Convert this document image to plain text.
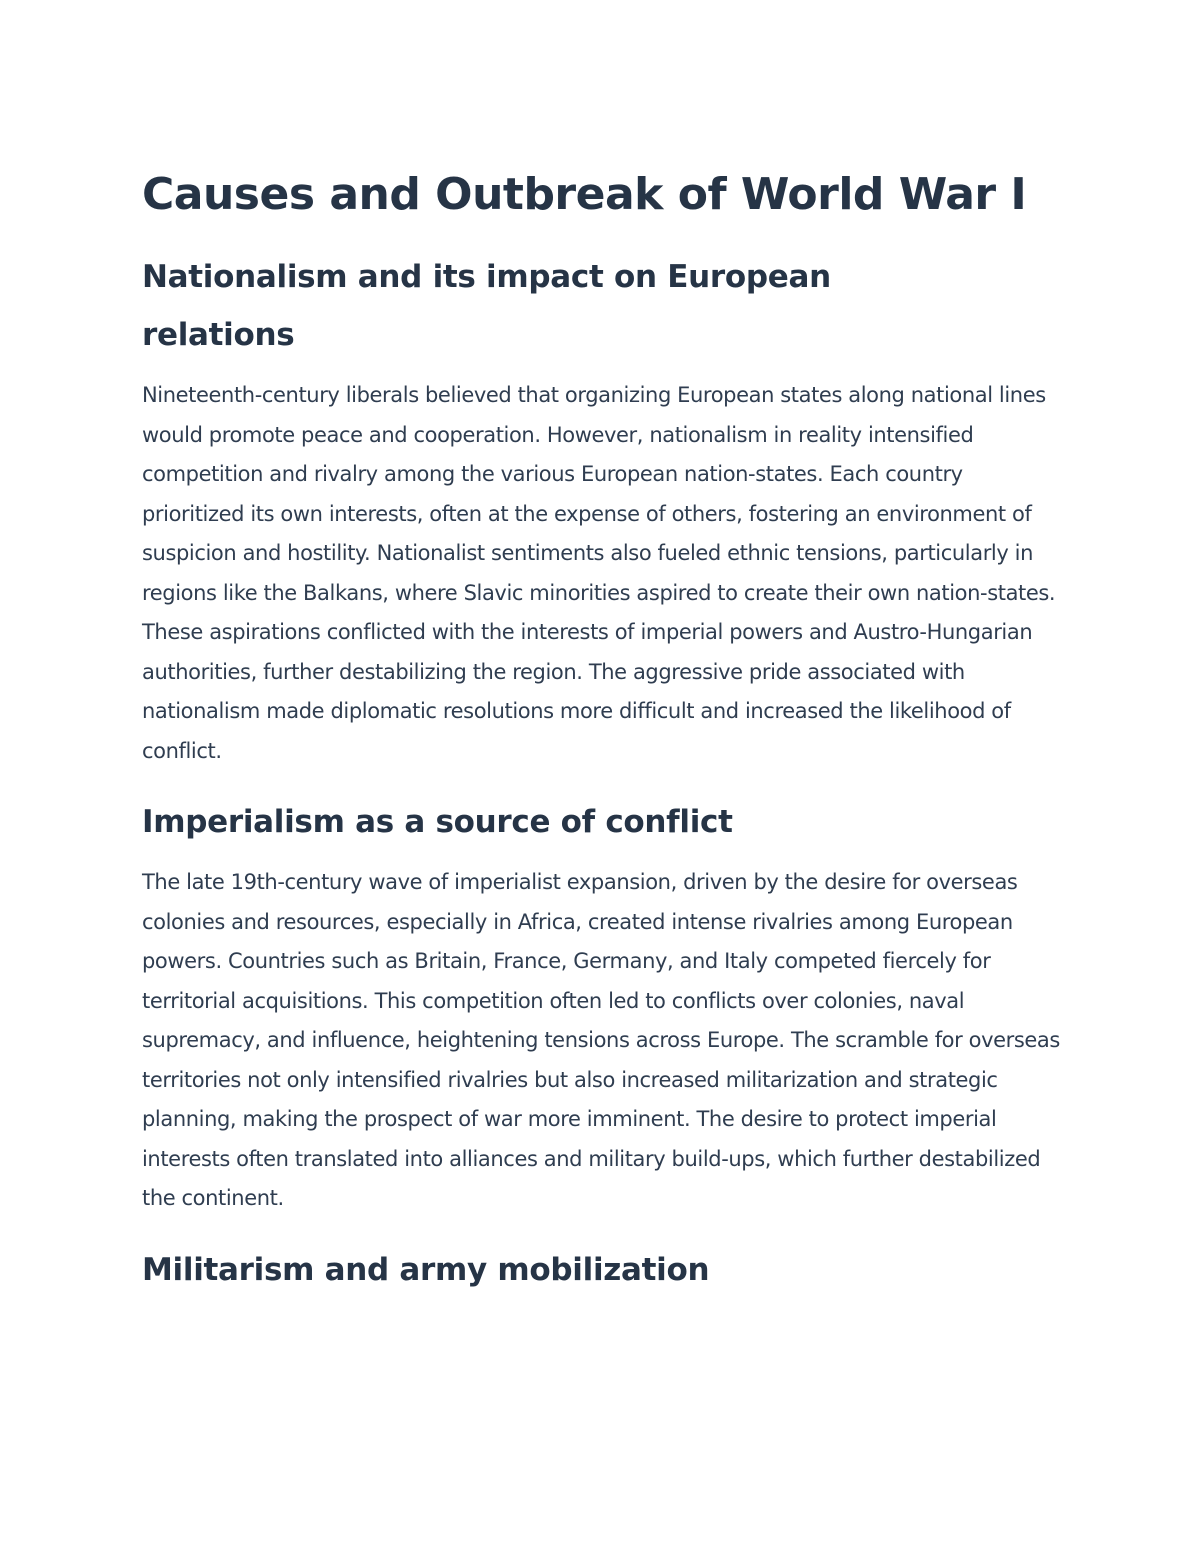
Causes and Outbreak of World War I
Nationalism and its impact on European relations

Nineteenth-century liberals believed that organizing European states along national lines would promote peace and cooperation. However, nationalism in reality intensified competition and rivalry among the various European nation-states. Each country prioritized its own interests, often at the expense of others, fostering an environment of suspicion and hostility. Nationalist sentiments also fueled ethnic tensions, particularly in regions like the Balkans, where Slavic minorities aspired to create their own nation-states. These aspirations conflicted with the interests of imperial powers and Austro-Hungarian authorities, further destabilizing the region. The aggressive pride associated with nationalism made diplomatic resolutions more difficult and increased the likelihood of conflict.

Imperialism as a source of conflict

The late 19th-century wave of imperialist expansion, driven by the desire for overseas colonies and resources, especially in Africa, created intense rivalries among European powers. Countries such as Britain, France, Germany, and Italy competed fiercely for territorial acquisitions. This competition often led to conflicts over colonies, naval supremacy, and influence, heightening tensions across Europe. The scramble for overseas territories not only intensified rivalries but also increased militarization and strategic planning, making the prospect of war more imminent. The desire to protect imperial interests often translated into alliances and military build-ups, which further destabilized the continent.

Militarism and army mobilization
